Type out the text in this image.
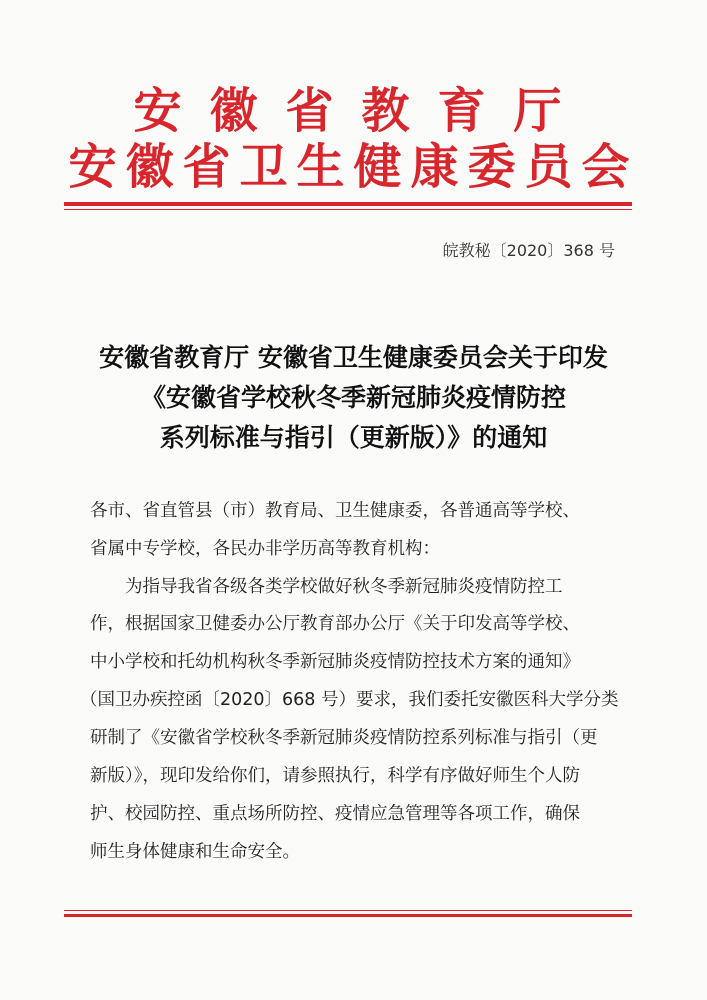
安徽省教育厅
安徽省卫生健康委员会
皖教秘〔2020〕368 号
安徽省教育厅 安徽省卫生健康委员会关于印发
《安徽省学校秋冬季新冠肺炎疫情防控
系列标准与指引（更新版）》的通知
各市、省直管县（市）教育局、卫生健康委，各普通高等学校、
省属中专学校，各民办非学历高等教育机构：
为指导我省各级各类学校做好秋冬季新冠肺炎疫情防控工
作，根据国家卫健委办公厅教育部办公厅《关于印发高等学校、
中小学校和托幼机构秋冬季新冠肺炎疫情防控技术方案的通知》
（国卫办疾控函〔2020〕668 号）要求，我们委托安徽医科大学分类
研制了《安徽省学校秋冬季新冠肺炎疫情防控系列标准与指引（更
新版）》，现印发给你们，请参照执行，科学有序做好师生个人防
护、校园防控、重点场所防控、疫情应急管理等各项工作，确保
师生身体健康和生命安全。
